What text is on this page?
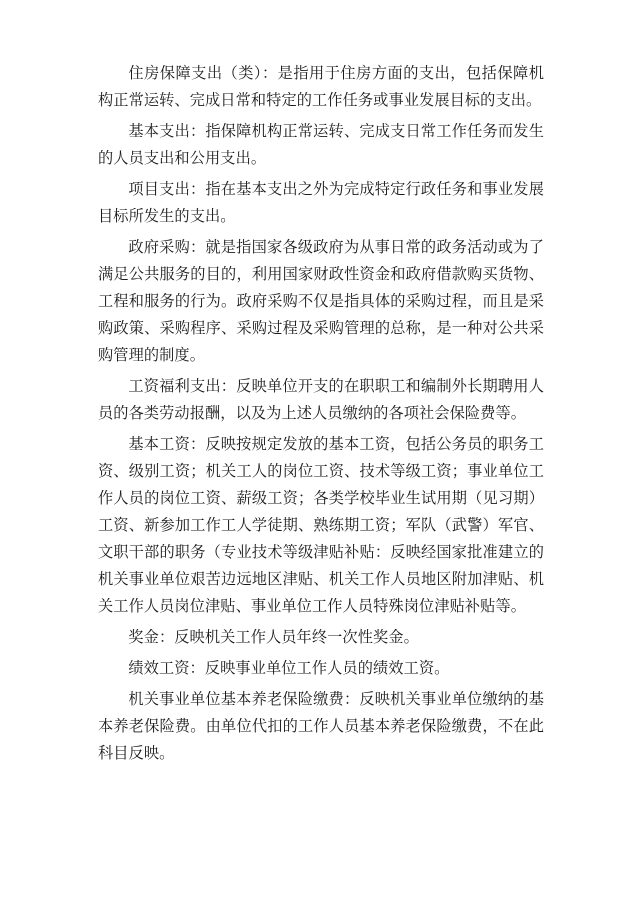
住房保障支出（类）：是指用于住房方面的支出，包括保障机构正常运转、完成日常和特定的工作任务或事业发展目标的支出。

基本支出：指保障机构正常运转、完成支日常工作任务而发生的人员支出和公用支出。

项目支出：指在基本支出之外为完成特定行政任务和事业发展目标所发生的支出。

政府采购：就是指国家各级政府为从事日常的政务活动或为了满足公共服务的目的，利用国家财政性资金和政府借款购买货物、工程和服务的行为。政府采购不仅是指具体的采购过程，而且是采购政策、采购程序、采购过程及采购管理的总称，是一种对公共采购管理的制度。

工资福利支出：反映单位开支的在职职工和编制外长期聘用人员的各类劳动报酬，以及为上述人员缴纳的各项社会保险费等。

基本工资：反映按规定发放的基本工资，包括公务员的职务工资、级别工资；机关工人的岗位工资、技术等级工资；事业单位工作人员的岗位工资、薪级工资；各类学校毕业生试用期（见习期）工资、新参加工作工人学徒期、熟练期工资；军队（武警）军官、文职干部的职务（专业技术等级津贴补贴：反映经国家批准建立的机关事业单位艰苦边远地区津贴、机关工作人员地区附加津贴、机关工作人员岗位津贴、事业单位工作人员特殊岗位津贴补贴等。

奖金：反映机关工作人员年终一次性奖金。

绩效工资：反映事业单位工作人员的绩效工资。

机关事业单位基本养老保险缴费：反映机关事业单位缴纳的基本养老保险费。由单位代扣的工作人员基本养老保险缴费，不在此科目反映。
